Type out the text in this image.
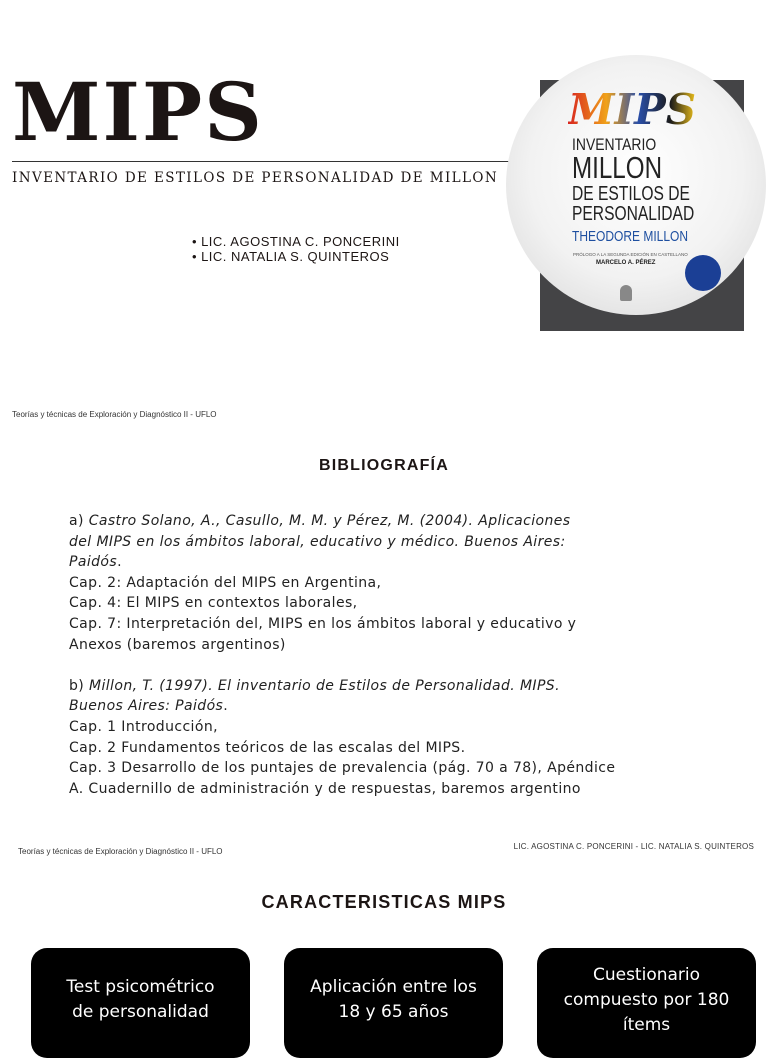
MIPS
INVENTARIO DE ESTILOS DE PERSONALIDAD DE MILLON
• LIC. AGOSTINA C. PONCERINI
• LIC. NATALIA S. QUINTEROS
MIPS
INVENTARIO
MILLON
DE ESTILOS DE
PERSONALIDAD
THEODORE MILLON
PRÓLOGO A LA SEGUNDA EDICIÓN EN CASTELLANO
MARCELO A. PÉREZ
Teorías y técnicas de Exploración y Diagnóstico II - UFLO
BIBLIOGRAFÍA
a) Castro Solano, A., Casullo, M. M. y Pérez, M. (2004). Aplicaciones
del MIPS en los ámbitos laboral, educativo y médico. Buenos Aires:
Paidós.
Cap. 2: Adaptación del MIPS en Argentina,
Cap. 4: El MIPS en contextos laborales,
Cap. 7: Interpretación del, MIPS en los ámbitos laboral y educativo y
Anexos (baremos argentinos)
b) Millon, T. (1997). El inventario de Estilos de Personalidad. MIPS.
Buenos Aires: Paidós.
Cap. 1 Introducción,
Cap. 2 Fundamentos teóricos de las escalas del MIPS.
Cap. 3 Desarrollo de los puntajes de prevalencia (pág. 70 a 78), Apéndice
A. Cuadernillo de administración y de respuestas, baremos argentino
Teorías y técnicas de Exploración y Diagnóstico II - UFLO
LIC. AGOSTINA C. PONCERINI - LIC. NATALIA S. QUINTEROS
CARACTERISTICAS MIPS
Test psicométrico
de personalidad
Aplicación entre los
18 y 65 años
Cuestionario
compuesto por 180
ítems
